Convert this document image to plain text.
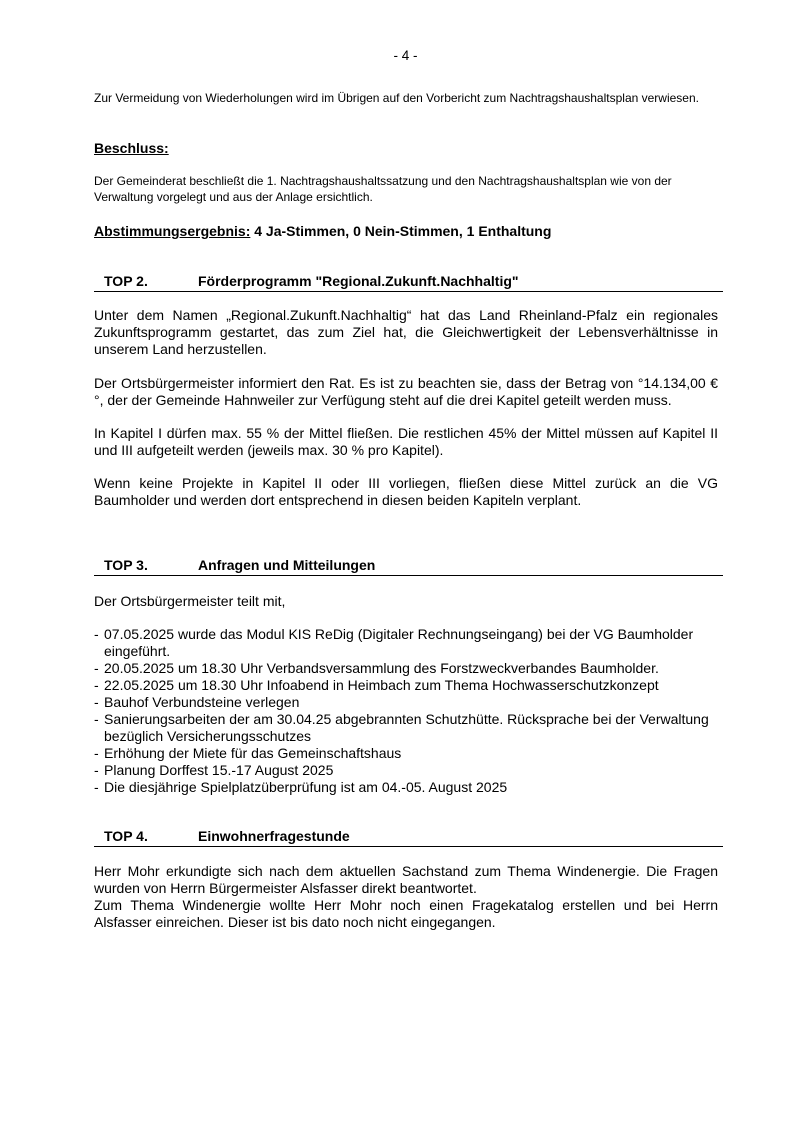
- 4 -
Zur Vermeidung von Wiederholungen wird im Übrigen auf den Vorbericht zum Nachtragshaushaltsplan verwiesen.
Beschluss:
Der Gemeinderat beschließt die 1. Nachtragshaushaltssatzung und den Nachtragshaushaltsplan wie von der Verwaltung vorgelegt und aus der Anlage ersichtlich.
Abstimmungsergebnis: 4 Ja-Stimmen, 0 Nein-Stimmen, 1 Enthaltung
TOP 2.	Förderprogramm "Regional.Zukunft.Nachhaltig"
Unter dem Namen „Regional.Zukunft.Nachhaltig“ hat das Land Rheinland-Pfalz ein regionales Zukunftsprogramm gestartet, das zum Ziel hat, die Gleichwertigkeit der Lebensverhältnisse in unserem Land herzustellen.
Der Ortsbürgermeister informiert den Rat. Es ist zu beachten sie, dass der Betrag von °14.134,00 €°, der der Gemeinde Hahnweiler zur Verfügung steht auf die drei Kapitel geteilt werden muss.
In Kapitel I dürfen max. 55 % der Mittel fließen. Die restlichen 45% der Mittel müssen auf Kapitel II und III aufgeteilt werden (jeweils max. 30 % pro Kapitel).
Wenn keine Projekte in Kapitel II oder III vorliegen, fließen diese Mittel zurück an die VG Baumholder und werden dort entsprechend in diesen beiden Kapiteln verplant.
TOP 3.	Anfragen und Mitteilungen
Der Ortsbürgermeister teilt mit,
- 07.05.2025 wurde das Modul KIS ReDig (Digitaler Rechnungseingang) bei der VG Baumholder eingeführt.
- 20.05.2025 um 18.30 Uhr Verbandsversammlung des Forstzweckverbandes Baumholder.
- 22.05.2025 um 18.30 Uhr Infoabend in Heimbach zum Thema Hochwasserschutzkonzept
- Bauhof Verbundsteine verlegen
- Sanierungsarbeiten der am 30.04.25 abgebrannten Schutzhütte. Rücksprache bei der Verwaltung bezüglich Versicherungsschutzes
- Erhöhung der Miete für das Gemeinschaftshaus
- Planung Dorffest 15.-17 August 2025
- Die diesjährige Spielplatzüberprüfung ist am 04.-05. August 2025
TOP 4.	Einwohnerfragestunde
Herr Mohr erkundigte sich nach dem aktuellen Sachstand zum Thema Windenergie. Die Fragen wurden von Herrn Bürgermeister Alsfasser direkt beantwortet.
Zum Thema Windenergie wollte Herr Mohr noch einen Fragekatalog erstellen und bei Herrn Alsfasser einreichen. Dieser ist bis dato noch nicht eingegangen.
